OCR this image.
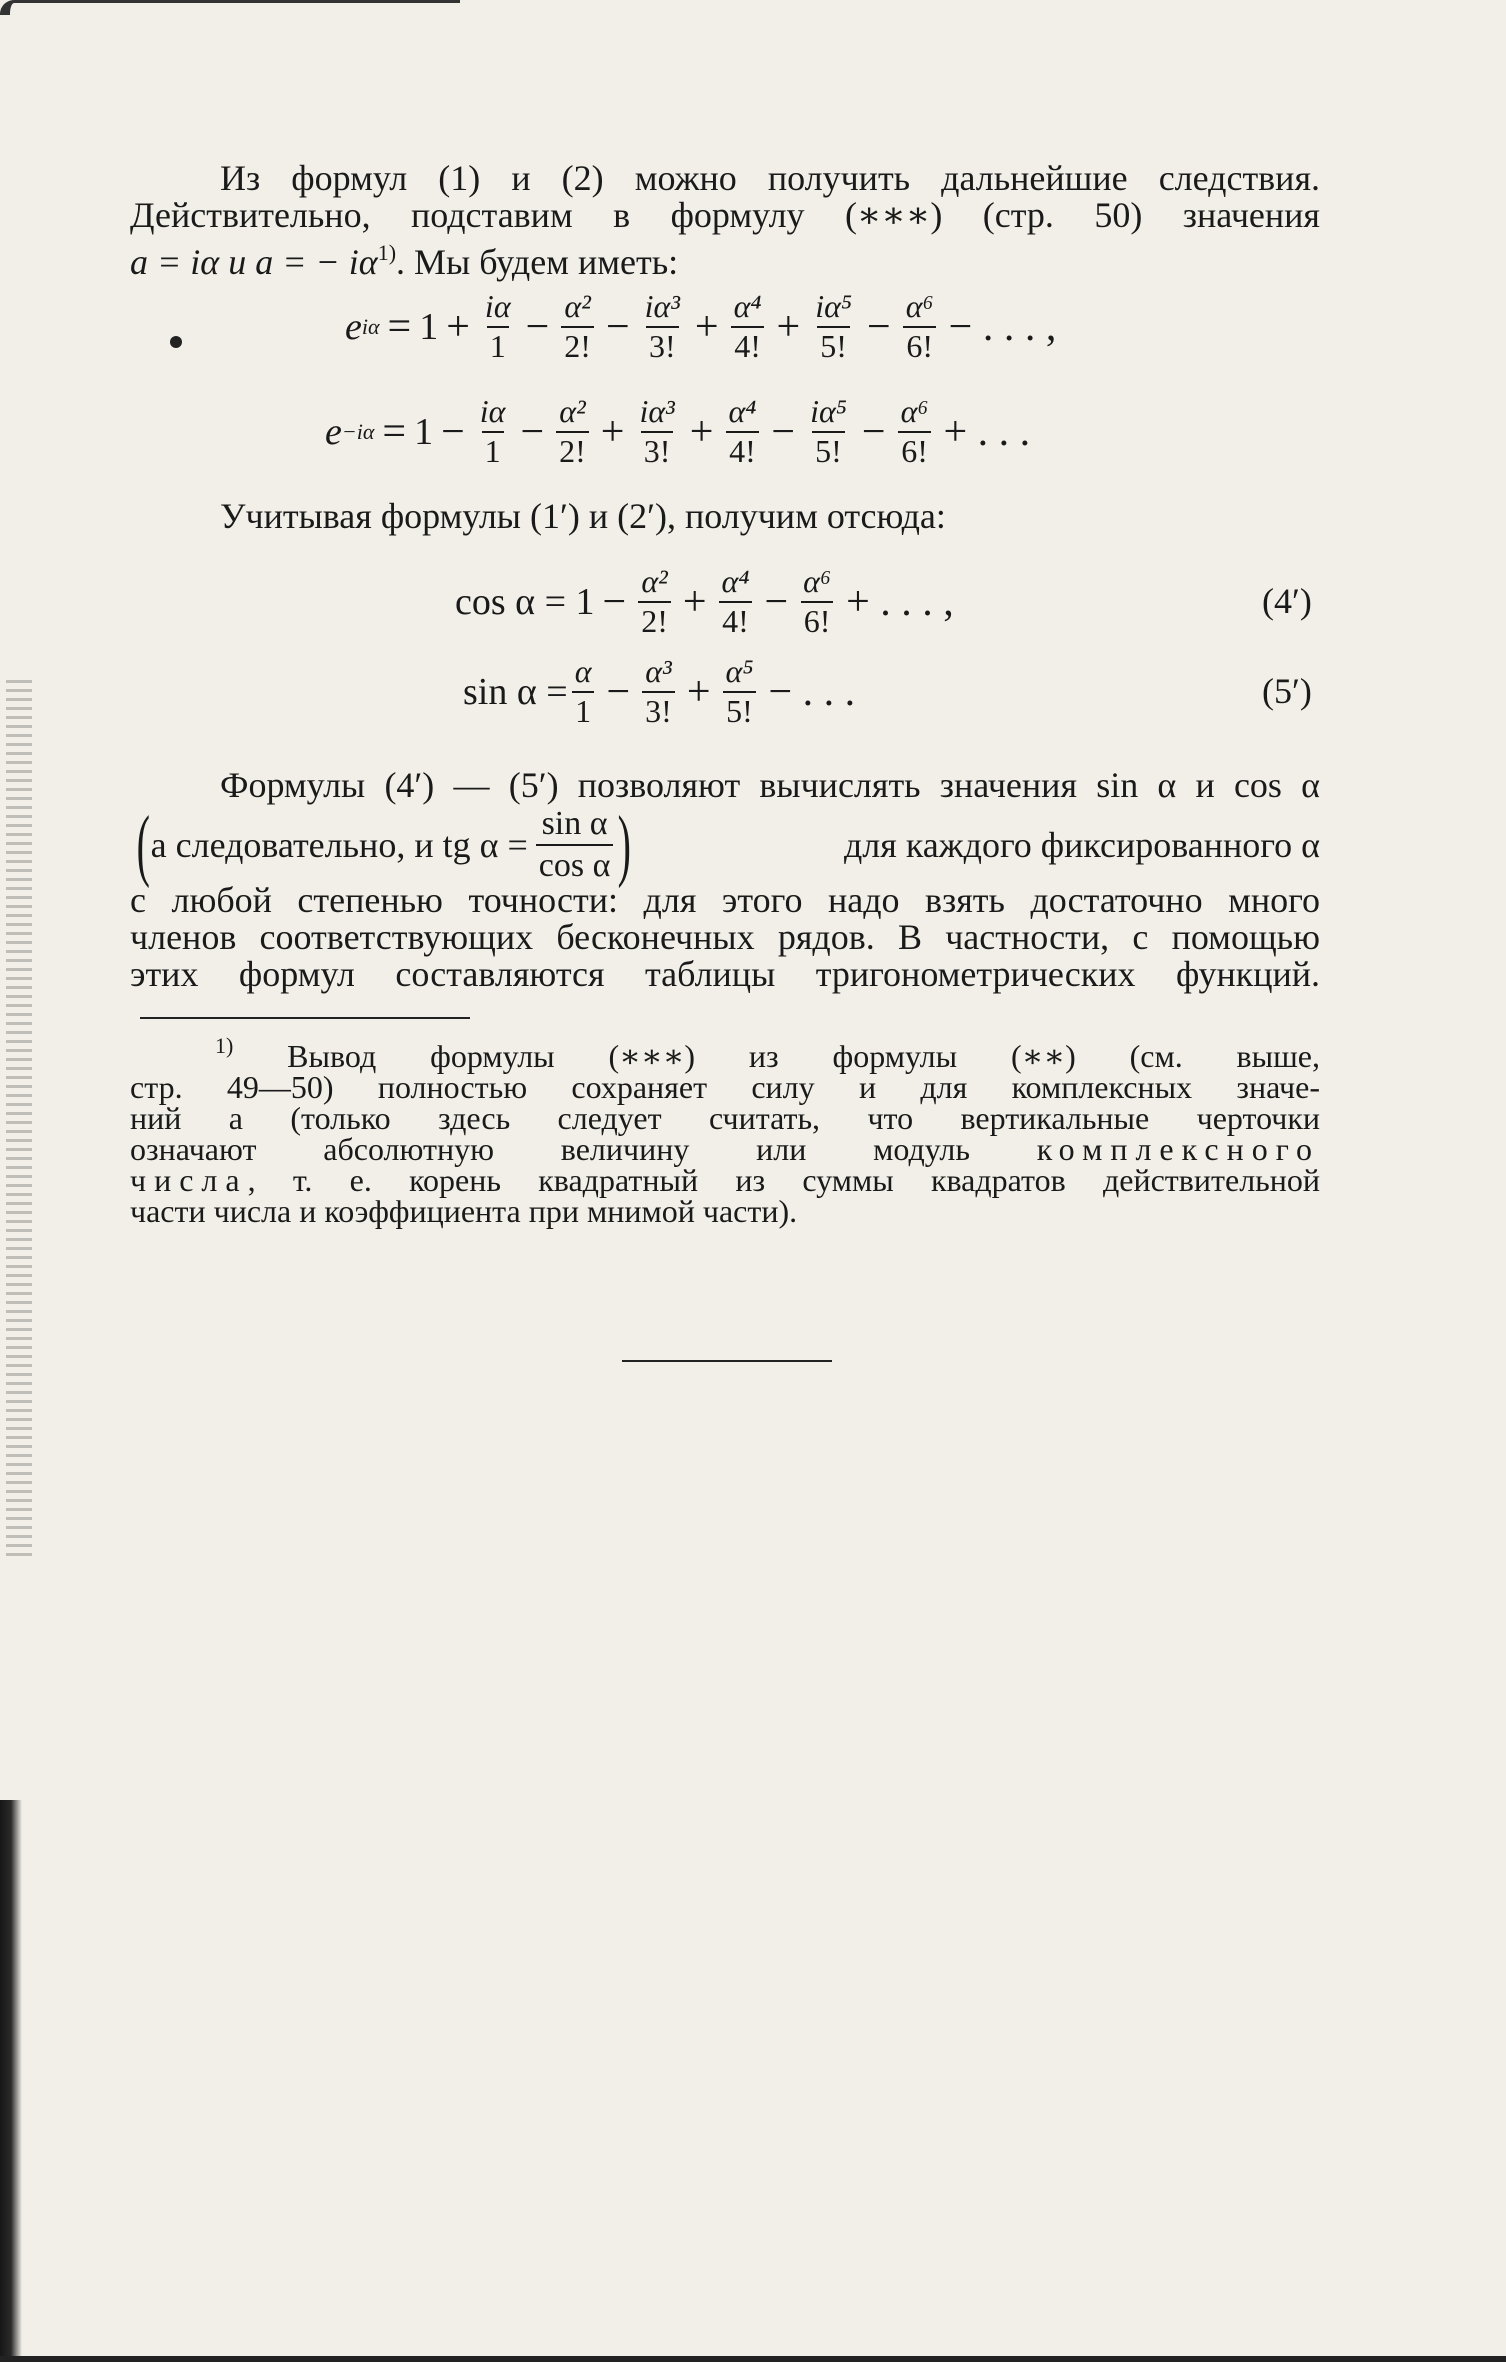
Из формул (1) и (2) можно получить дальнейшие следствия.
Действительно, подставим в формулу (∗∗∗) (стр. 50) значения
a = iα и a = − $i\alpha^{1)}$. Мы будем иметь:
e $i\alpha = 1 + \frac{i\alpha}{1} - \frac{\text{α²}}{2!} - \frac{\text{iα³}}{3!} + \frac{\text{α⁴}}{4!} + \frac{\text{iα⁵}}{5!} - \frac{\text{α⁶}}{6!}$ − . . . ,
$e -i\alpha = 1 - \frac{i\alpha}{1} - \frac{\text{α²}}{2!} + \frac{\text{iα³}}{3!} + \frac{\text{α⁴}}{4!} - \frac{\text{iα⁵}}{5!} - \frac{\text{α⁶}}{6!}$ + . . .
Учитывая формулы (1′) и (2′), получим отсюда:
$\cos \alpha = 1 - \frac{\text{α²}}{2!} + \frac{\text{α⁴}}{4!} - \frac{\text{α⁶}}{6!}$ + . . . ,	(4′)
$\sin \alpha = \frac{\alpha}{1} - \frac{\text{α³}}{3!} + \frac{\text{α⁵}}{5!}$ − . . .	(5′)
Формулы (4′) — (5′) позволяют вычислять значения sin α и cos α
( а следовательно, и tg $\alpha = \frac{\text{sin α}}{\text{cos α}}$ )	для каждого фиксированного α
с любой степенью точности: для этого надо взять достаточно много
членов соответствующих бесконечных рядов. В частности, с помощью
этих формул составляются таблицы тригонометрических функций.
$^{1)}$ Вывод формулы (∗∗∗) из формулы (∗∗) (см. выше,
стр. 49—50) полностью сохраняет силу и для комплексных значе-
ний a (только здесь следует считать, что вертикальные черточки
означают абсолютную величину или модуль комплексного
числа, т. е. корень квадратный из суммы квадратов действительной
части числа и коэффициента при мнимой части).
